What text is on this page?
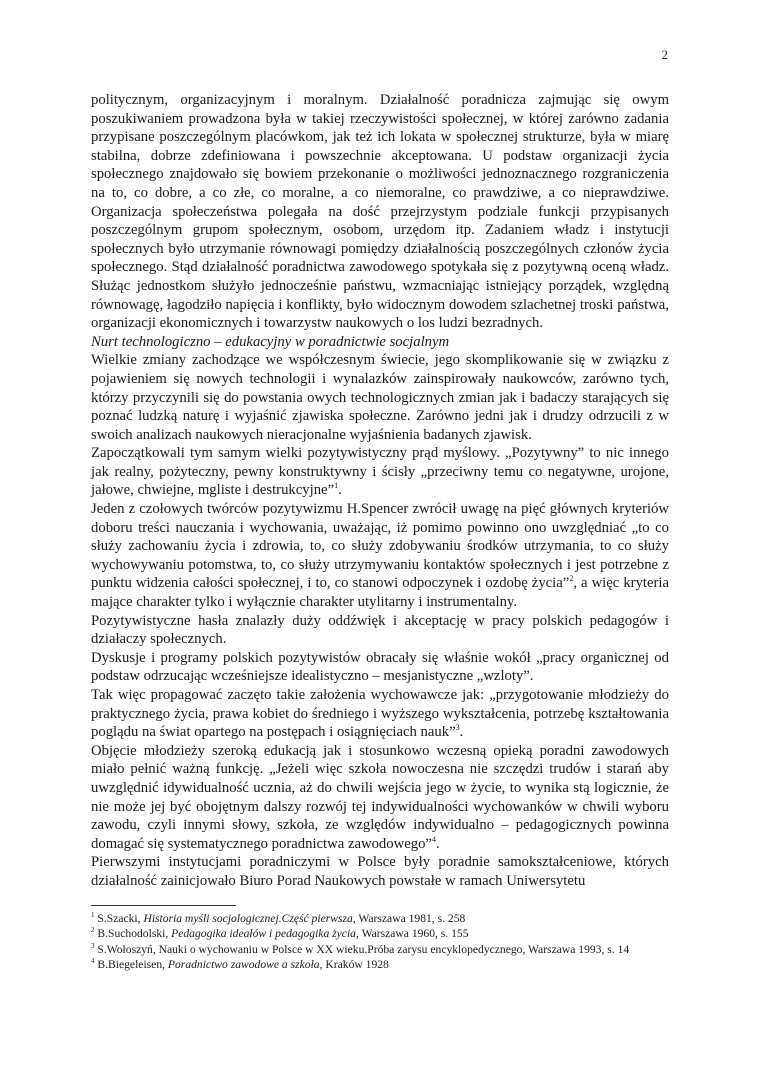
2

politycznym, organizacyjnym i moralnym. Działalność poradnicza zajmując się owym poszukiwaniem prowadzona była w takiej rzeczywistości społecznej, w której zarówno zadania przypisane poszczególnym placówkom, jak też ich lokata w społecznej strukturze, była w miarę stabilna, dobrze zdefiniowana i powszechnie akceptowana. U podstaw organizacji życia społecznego znajdowało się bowiem przekonanie o możliwości jednoznacznego rozgraniczenia na to, co dobre, a co złe, co moralne, a co niemoralne, co prawdziwe, a co nieprawdziwe. Organizacja społeczeństwa polegała na dość przejrzystym podziale funkcji przypisanych poszczególnym grupom społecznym, osobom, urzędom itp. Zadaniem władz i instytucji społecznych było utrzymanie równowagi pomiędzy działalnością poszczególnych członów życia społecznego. Stąd działalność poradnictwa zawodowego spotykała się z pozytywną oceną władz. Służąc jednostkom służyło jednocześnie państwu, wzmacniając istniejący porządek, względną równowagę, łagodziło napięcia i konflikty, było widocznym dowodem szlachetnej troski państwa, organizacji ekonomicznych i towarzystw naukowych o los ludzi bezradnych.

Nurt technologiczno – edukacyjny w poradnictwie socjalnym

Wielkie zmiany zachodzące we współczesnym świecie, jego skomplikowanie się w związku z pojawieniem się nowych technologii i wynalazków zainspirowały naukowców, zarówno tych, którzy przyczynili się do powstania owych technologicznych zmian jak i badaczy starających się poznać ludzką naturę i wyjaśnić zjawiska społeczne. Zarówno jedni jak i drudzy odrzucili z w swoich analizach naukowych nieracjonalne wyjaśnienia badanych zjawisk.

Zapoczątkowali tym samym wielki pozytywistyczny prąd myślowy. „Pozytywny” to nic innego jak realny, pożyteczny, pewny konstruktywny i ścisły „przeciwny temu co negatywne, urojone, jałowe, chwiejne, mgliste i destrukcyjne”$^1$.

Jeden z czołowych twórców pozytywizmu H.Spencer zwrócił uwagę na pięć głównych kryteriów doboru treści nauczania i wychowania, uważając, iż pomimo powinno ono uwzględniać „to co służy zachowaniu życia i zdrowia, to, co służy zdobywaniu środków utrzymania, to co służy wychowywaniu potomstwa, to, co służy utrzymywaniu kontaktów społecznych i jest potrzebne z punktu widzenia całości społecznej, i to, co stanowi odpoczynek i ozdobę życia”$^2$, a więc kryteria mające charakter tylko i wyłącznie charakter utylitarny i instrumentalny.

Pozytywistyczne hasła znalazły duży oddźwięk i akceptację w pracy polskich pedagogów i działaczy społecznych.

Dyskusje i programy polskich pozytywistów obracały się właśnie wokół „pracy organicznej od podstaw odrzucając wcześniejsze idealistyczno – mesjanistyczne „wzloty”.

Tak więc propagować zaczęto takie założenia wychowawcze jak: „przygotowanie młodzieży do praktycznego życia, prawa kobiet do średniego i wyższego wykształcenia, potrzebę kształtowania poglądu na świat opartego na postępach i osiągnięciach nauk”$^3$.

Objęcie młodzieży szeroką edukacją jak i stosunkowo wczesną opieką poradni zawodowych miało pełnić ważną funkcję. „Jeżeli więc szkoła nowoczesna nie szczędzi trudów i starań aby uwzględnić idywidualność ucznia, aż do chwili wejścia jego w życie, to wynika stą logicznie, że nie może jej być obojętnym dalszy rozwój tej indywidualności wychowanków w chwili wyboru zawodu, czyli innymi słowy, szkoła, ze względów indywidualno – pedagogicznych powinna domagać się systematycznego poradnictwa zawodowego”$^4$.

Pierwszymi instytucjami poradniczymi w Polsce były poradnie samokształceniowe, których działalność zainicjowało Biuro Porad Naukowych powstałe w ramach Uniwersytetu

$^1$ S.Szacki, Historia myśli socjologicznej.Część pierwsza, Warszawa 1981, s. 258
$^2$ B.Suchodolski, Pedagogika ideałów i pedagogika życia, Warszawa 1960, s. 155
$^3$ S.Wołoszyń, Nauki o wychowaniu w Polsce w XX wieku.Próba zarysu encyklopedycznego, Warszawa 1993, s. 14
$^4$ B.Biegeleisen, Poradnictwo zawodowe a szkoła, Kraków 1928
